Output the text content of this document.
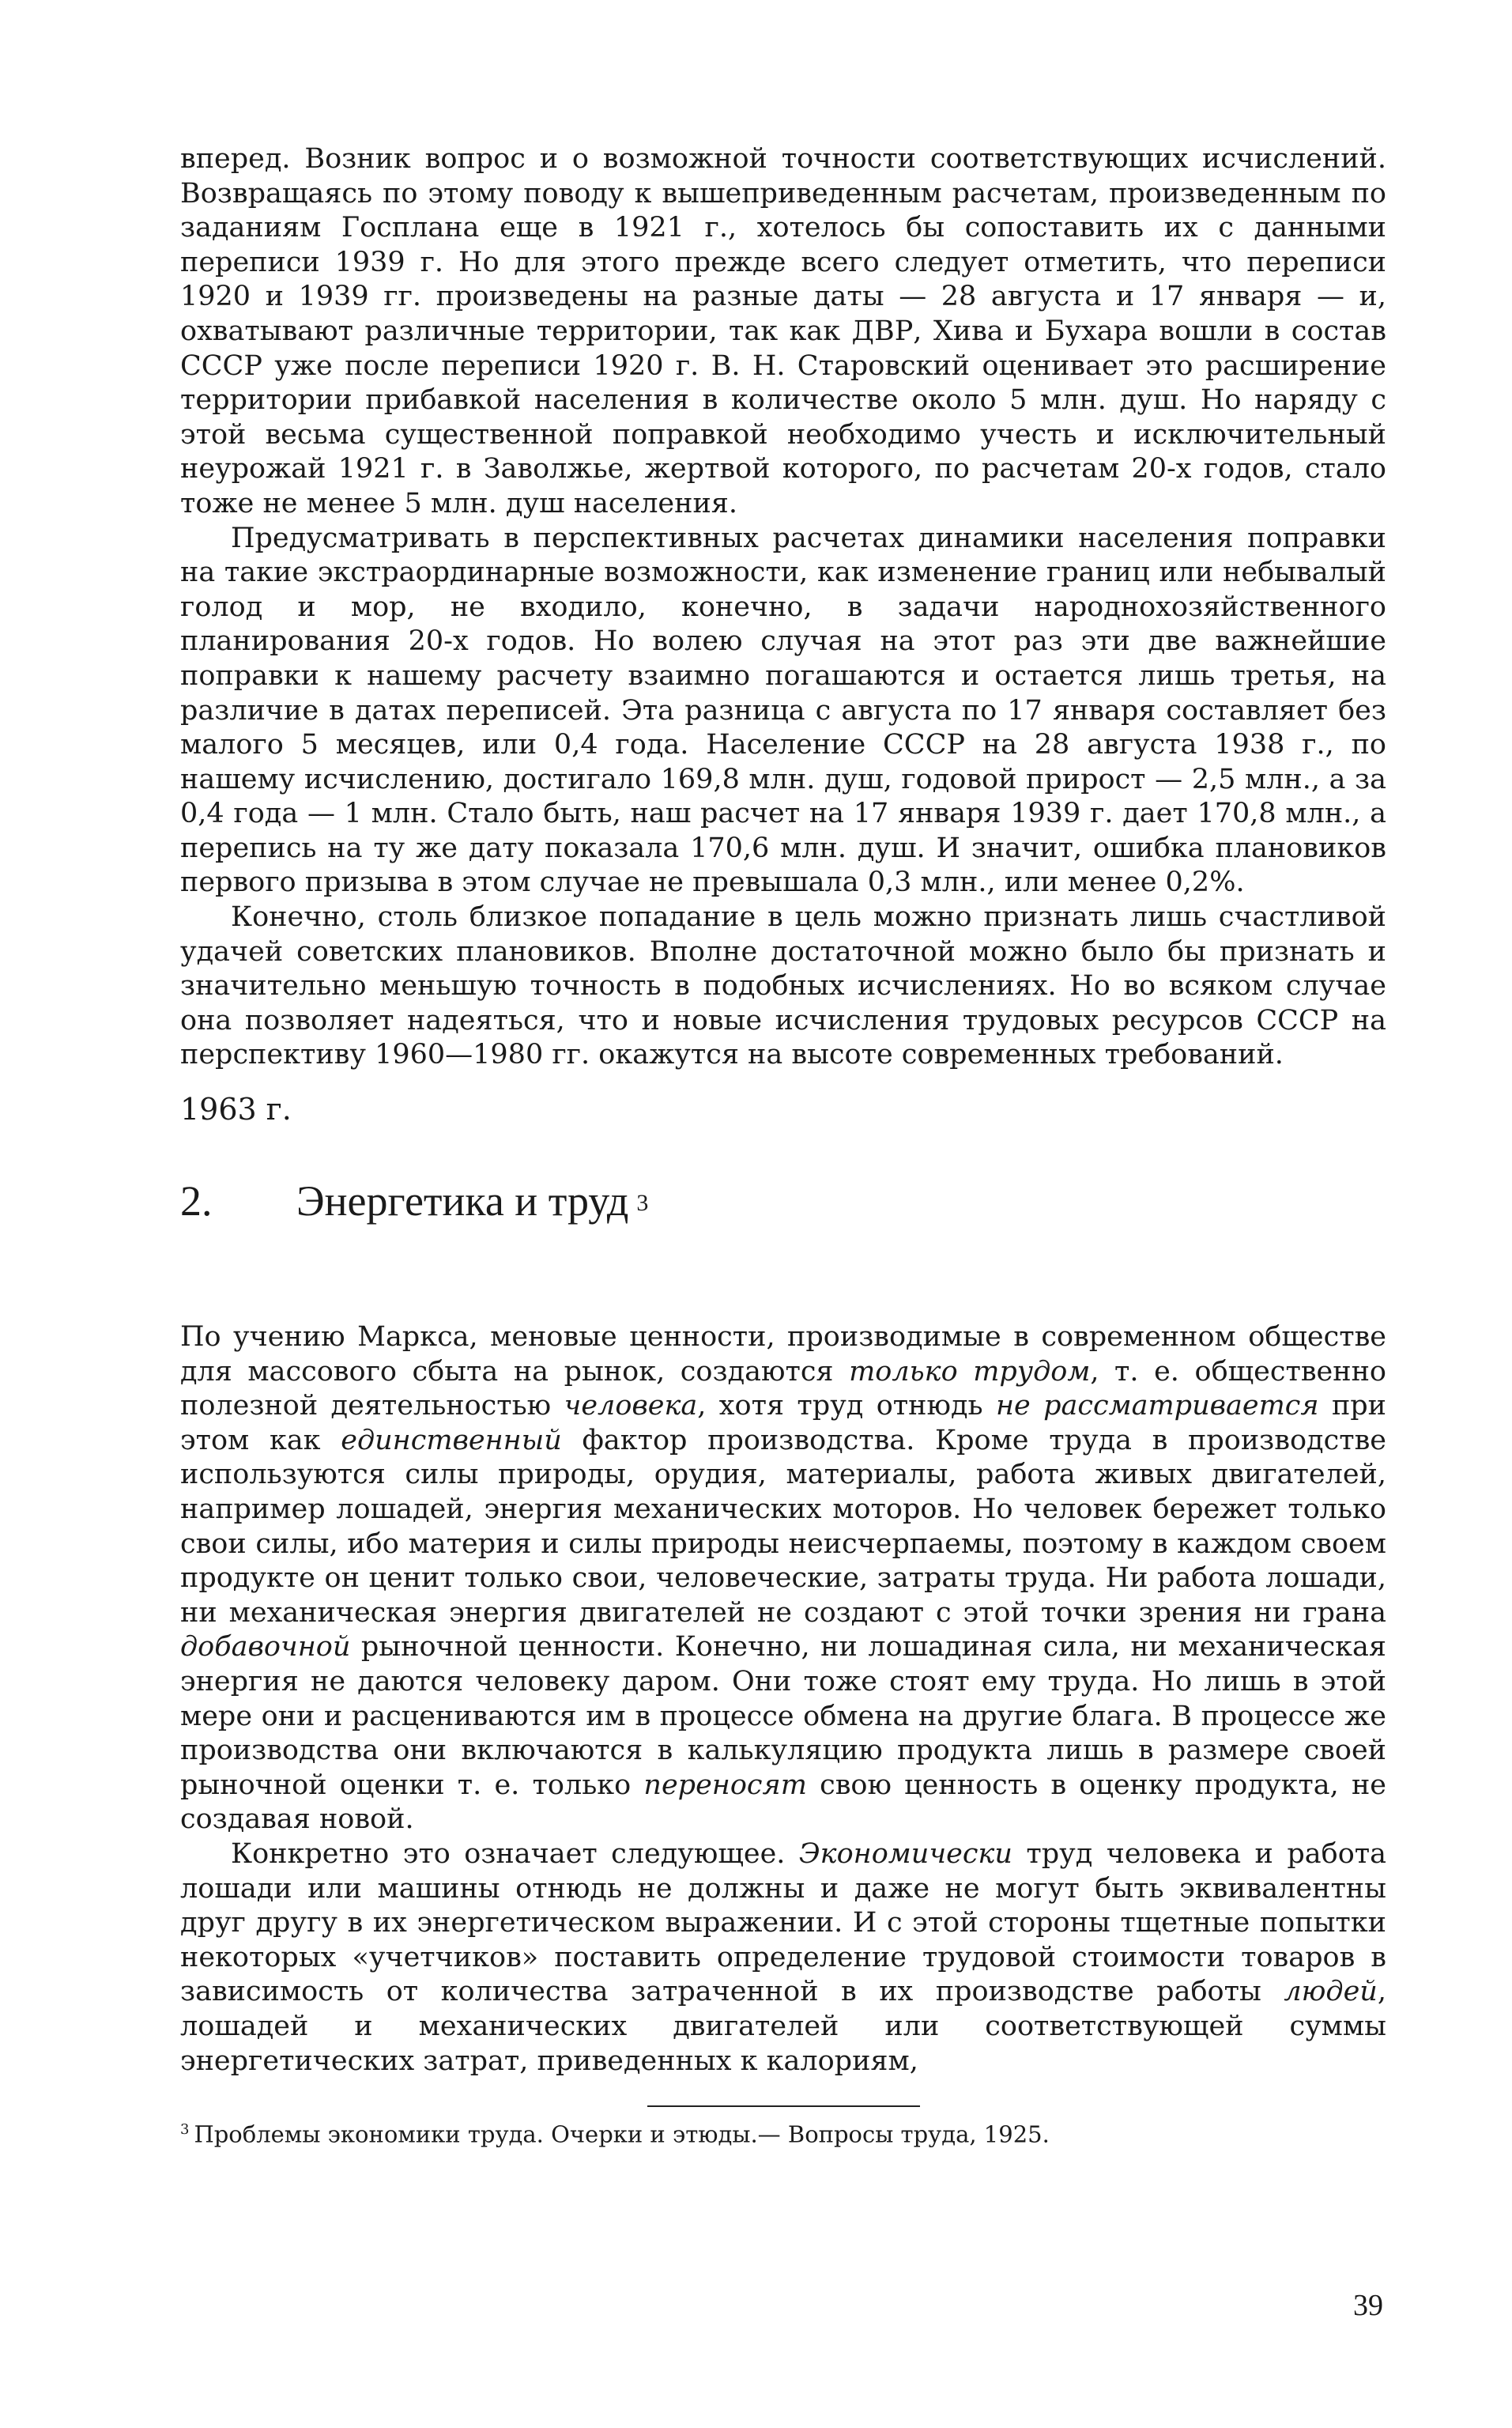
вперед. Возник вопрос и о возможной точности соответствующих исчислений. Возвращаясь по этому поводу к вышеприведенным расчетам, произведенным по заданиям Госплана еще в 1921 г., хотелось бы сопоставить их с данными переписи 1939 г. Но для этого прежде всего следует отметить, что переписи 1920 и 1939 гг. произведены на разные даты — 28 августа и 17 января — и, охватывают различные территории, так как ДВР, Хива и Бухара вошли в состав СССР уже после переписи 1920 г. В. Н. Старовский оценивает это расширение территории прибавкой населения в количестве около 5 млн. душ. Но наряду с этой весьма существенной поправкой необходимо учесть и исключительный неурожай 1921 г. в Заволжье, жертвой которого, по расчетам 20-х годов, стало тоже не менее 5 млн. душ населения.

Предусматривать в перспективных расчетах динамики населения поправки на такие экстраординарные возможности, как изменение границ или небывалый голод и мор, не входило, конечно, в задачи народнохозяйственного планирования 20-х годов. Но волею случая на этот раз эти две важнейшие поправки к нашему расчету взаимно погашаются и остается лишь третья, на различие в датах переписей. Эта разница с августа по 17 января составляет без малого 5 месяцев, или 0,4 года. Население СССР на 28 августа 1938 г., по нашему исчислению, достигало 169,8 млн. душ, годовой прирост — 2,5 млн., а за 0,4 года — 1 млн. Стало быть, наш расчет на 17 января 1939 г. дает 170,8 млн., а перепись на ту же дату показала 170,6 млн. душ. И значит, ошибка плановиков первого призыва в этом случае не превышала 0,3 млн., или менее 0,2%.

Конечно, столь близкое попадание в цель можно признать лишь счастливой удачей советских плановиков. Вполне достаточной можно было бы признать и значительно меньшую точность в подобных исчислениях. Но во всяком случае она позволяет надеяться, что и новые исчисления трудовых ресурсов СССР на перспективу 1960—1980 гг. окажутся на высоте современных требований.

1963 г.
2.	Энергетика и труд $^3$

По учению Маркса, меновые ценности, производимые в современном обществе для массового сбыта на рынок, создаются только трудом, т. е. общественно полезной деятельностью человека, хотя труд отнюдь не рассматривается при этом как единственный фактор производства. Кроме труда в производстве используются силы природы, орудия, материалы, работа живых двигателей, например лошадей, энергия механических моторов. Но человек бережет только свои силы, ибо материя и силы природы неисчерпаемы, поэтому в каждом своем продукте он ценит только свои, человеческие, затраты труда. Ни работа лошади, ни механическая энергия двигателей не создают с этой точки зрения ни грана добавочной рыночной ценности. Конечно, ни лошадиная сила, ни механическая энергия не даются человеку даром. Они тоже стоят ему труда. Но лишь в этой мере они и расцениваются им в процессе обмена на другие блага. В процессе же производства они включаются в калькуляцию продукта лишь в размере своей рыночной оценки т. е. только переносят свою ценность в оценку продукта, не создавая новой.

Конкретно это означает следующее. Экономически труд человека и работа лошади или машины отнюдь не должны и даже не могут быть эквивалентны друг другу в их энергетическом выражении. И с этой стороны тщетные попытки некоторых «учетчиков» поставить определение трудовой стоимости товаров в зависимость от количества затраченной в их производстве работы людей, лошадей и механических двигателей или соответствующей суммы энергетических затрат, приведенных к калориям,

$^3$ Проблемы экономики труда. Очерки и этюды.— Вопросы труда, 1925.

39
